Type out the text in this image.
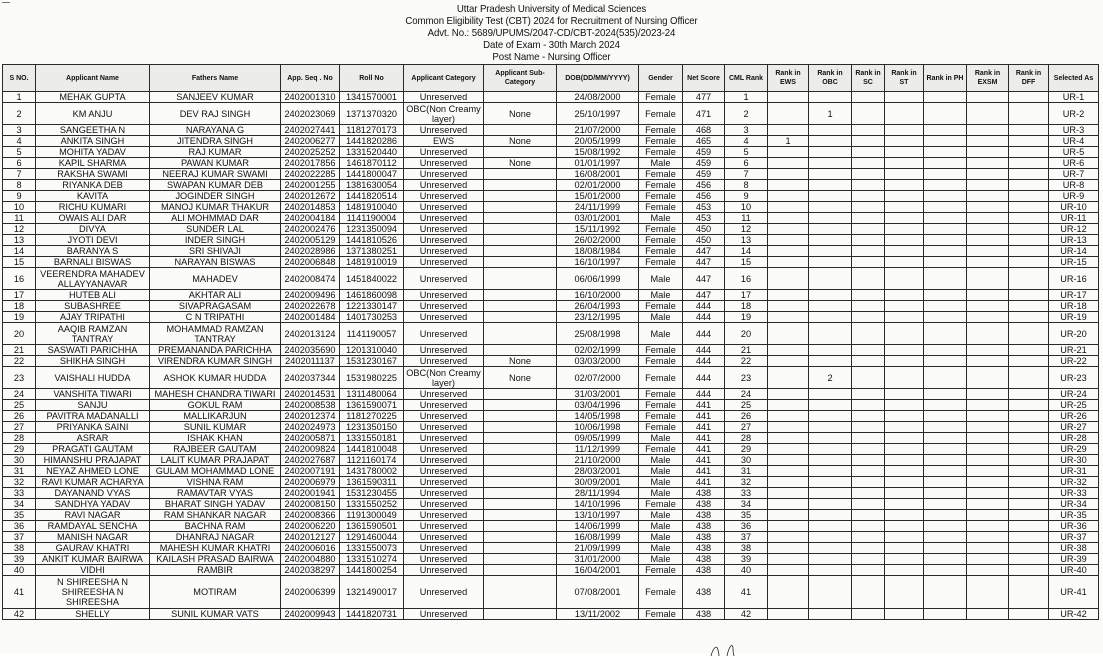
Uttar Pradesh University of Medical Sciences
Common Eligibility Test (CBT) 2024 for Recruitment of Nursing Officer
Advt. No.: 5689/UPUMS/2047-CD/CBT-2024(535)/2023-24
Date of Exam - 30th March 2024
Post Name - Nursing Officer
S NO.	Applicant Name	Fathers Name	App. Seq . No	Roll No	Applicant Category	Applicant Sub-Category	DOB(DD/MM/YYYY)	Gender	Net Score	CML Rank	Rank in EWS	Rank in OBC	Rank in SC	Rank in ST	Rank in PH	Rank in EXSM	Rank in DFF	Selected As
1	MEHAK GUPTA	SANJEEV KUMAR	2402001310	1341570001	Unreserved		24/08/2000	Female	477	1								UR-1
2	KM ANJU	DEV RAJ SINGH	2402023069	1371370320	OBC(Non Creamy layer)	None	25/10/1997	Female	471	2		1						UR-2
3	SANGEETHA N	NARAYANA G	2402027441	1181270173	Unreserved		21/07/2000	Female	468	3								UR-3
4	ANKITA SINGH	JITENDRA SINGH	2402006277	1441820286	EWS	None	20/05/1999	Female	465	4	1							UR-4
5	MOHITA YADAV	RAJ KUMAR	2402025252	1331520440	Unreserved		15/08/1992	Female	459	5								UR-5
6	KAPIL SHARMA	PAWAN KUMAR	2402017856	1461870112	Unreserved	None	01/01/1997	Male	459	6								UR-6
7	RAKSHA SWAMI	NEERAJ KUMAR SWAMI	2402022285	1441800047	Unreserved		16/08/2001	Female	459	7								UR-7
8	RIYANKA DEB	SWAPAN KUMAR DEB	2402001255	1381630054	Unreserved		02/01/2000	Female	456	8								UR-8
9	KAVITA	JOGINDER SINGH	2402012672	1441820514	Unreserved		15/01/2000	Female	456	9								UR-9
10	RICHU KUMARI	MANOJ KUMAR THAKUR	2402014853	1481910040	Unreserved		24/11/1999	Female	453	10								UR-10
11	OWAIS ALI DAR	ALI MOHMMAD DAR	2402004184	1141190004	Unreserved		03/01/2001	Male	453	11								UR-11
12	DIVYA	SUNDER LAL	2402002476	1231350094	Unreserved		15/11/1992	Female	450	12								UR-12
13	JYOTI DEVI	INDER SINGH	2402005129	1441810526	Unreserved		26/02/2000	Female	450	13								UR-13
14	BARANYA S	SRI SHIVAJI	2402028986	1371380251	Unreserved		18/08/1984	Female	447	14								UR-14
15	BARNALI BISWAS	NARAYAN BISWAS	2402006848	1481910019	Unreserved		16/10/1997	Female	447	15								UR-15
16	VEERENDRA MAHADEV ALLAYYANAVAR	MAHADEV	2402008474	1451840022	Unreserved		06/06/1999	Male	447	16								UR-16
17	HUTEB ALI	AKHTAR ALI	2402009496	1461860098	Unreserved		16/10/2000	Male	447	17								UR-17
18	SUBASHREE	SIVAPRAGASAM	2402022678	1221330147	Unreserved		26/04/1993	Female	444	18								UR-18
19	AJAY TRIPATHI	C N TRIPATHI	2402001484	1401730253	Unreserved		23/12/1995	Male	444	19								UR-19
20	AAQIB RAMZAN TANTRAY	MOHAMMAD RAMZAN TANTRAY	2402013124	1141190057	Unreserved		25/08/1998	Male	444	20								UR-20
21	SASWATI PARICHHA	PREMANANDA PARICHHA	2402035690	1201310040	Unreserved		02/02/1999	Female	444	21								UR-21
22	SHIKHA SINGH	VIRENDRA KUMAR SINGH	2402011137	1531230167	Unreserved	None	03/03/2000	Female	444	22								UR-22
23	VAISHALI HUDDA	ASHOK KUMAR HUDDA	2402037344	1531980225	OBC(Non Creamy layer)	None	02/07/2000	Female	444	23		2						UR-23
24	VANSHITA TIWARI	MAHESH CHANDRA TIWARI	2402014531	1311480064	Unreserved		31/03/2001	Female	444	24								UR-24
25	SANJU	GOKUL RAM	2402008538	1361590071	Unreserved		03/04/1996	Female	441	25								UR-25
26	PAVITRA MADANALLI	MALLIKARJUN	2402012374	1181270225	Unreserved		14/05/1998	Female	441	26								UR-26
27	PRIYANKA SAINI	SUNIL KUMAR	2402024973	1231350150	Unreserved		10/06/1998	Female	441	27								UR-27
28	ASRAR	ISHAK KHAN	2402005871	1331550181	Unreserved		09/05/1999	Male	441	28								UR-28
29	PRAGATI GAUTAM	RAJBEER GAUTAM	2402009824	1441810048	Unreserved		11/12/1999	Female	441	29								UR-29
30	HIMANSHU PRAJAPAT	LALIT KUMAR PRAJAPAT	2402027687	1121160174	Unreserved		21/10/2000	Male	441	30								UR-30
31	NEYAZ AHMED LONE	GULAM MOHAMMAD LONE	2402007191	1431780002	Unreserved		28/03/2001	Male	441	31								UR-31
32	RAVI KUMAR ACHARYA	VISHNA RAM	2402006979	1361590311	Unreserved		30/09/2001	Male	441	32								UR-32
33	DAYANAND VYAS	RAMAVTAR VYAS	2402001941	1531230455	Unreserved		28/11/1994	Male	438	33								UR-33
34	SANDHYA YADAV	BHARAT SINGH YADAV	2402008150	1331550252	Unreserved		14/10/1996	Female	438	34								UR-34
35	RAVI NAGAR	RAM SHANKAR NAGAR	2402008366	1191300049	Unreserved		13/10/1997	Male	438	35								UR-35
36	RAMDAYAL SENCHA	BACHNA RAM	2402006220	1361590501	Unreserved		14/06/1999	Male	438	36								UR-36
37	MANISH NAGAR	DHANRAJ NAGAR	2402012127	1291460044	Unreserved		16/08/1999	Male	438	37								UR-37
38	GAURAV KHATRI	MAHESH KUMAR KHATRI	2402006016	1331550073	Unreserved		21/09/1999	Male	438	38								UR-38
39	ANKIT KUMAR BAIRWA	KAILASH PRASAD BAIRWA	2402004880	1331510274	Unreserved		31/01/2000	Male	438	39								UR-39
40	VIDHI	RAMBIR	2402038297	1441800254	Unreserved		16/04/2001	Female	438	40								UR-40
41	N SHIREESHA N SHIREESHA N SHIREESHA	MOTIRAM	2402006399	1321490017	Unreserved		07/08/2001	Female	438	41								UR-41
42	SHELLY	SUNIL KUMAR VATS	2402009943	1441820731	Unreserved		13/11/2002	Female	438	42								UR-42
